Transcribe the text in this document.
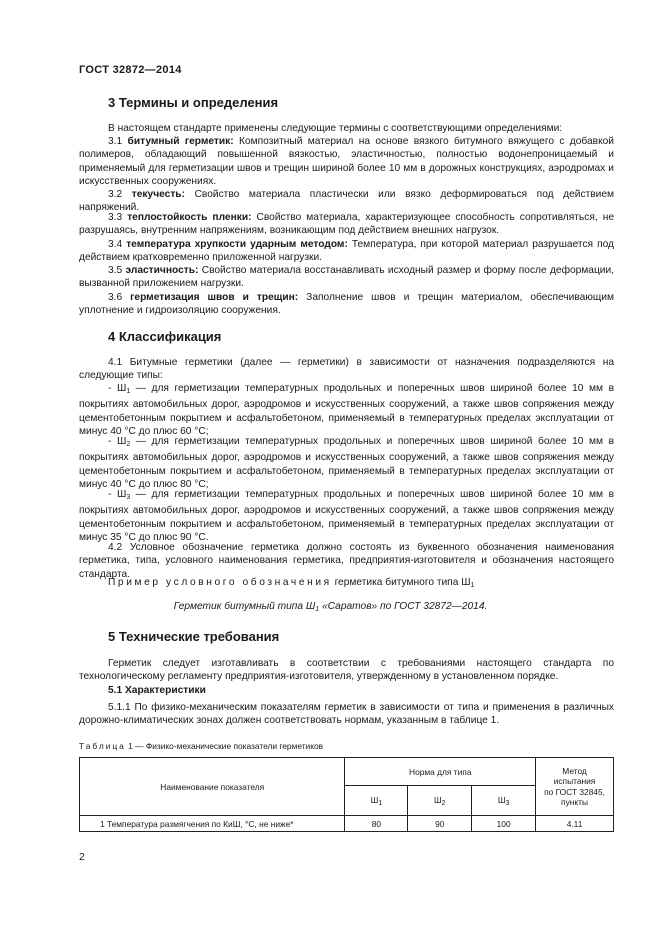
ГОСТ 32872—2014
3 Термины и определения
В настоящем стандарте применены следующие термины с соответствующими определениями:
3.1 битумный герметик: Композитный материал на основе вязкого битумного вяжущего с добавкой полимеров, обладающий повышенной вязкостью, эластичностью, полностью водонепроницаемый и применяемый для герметизации швов и трещин шириной более 10 мм в дорожных конструкциях, аэродромах и искусственных сооружениях.
3.2 текучесть: Свойство материала пластически или вязко деформироваться под действием напряжений.
3.3 теплостойкость пленки: Свойство материала, характеризующее способность сопротивляться, не разрушаясь, внутренним напряжениям, возникающим под действием внешних нагрузок.
3.4 температура хрупкости ударным методом: Температура, при которой материал разрушается под действием кратковременно приложенной нагрузки.
3.5 эластичность: Свойство материала восстанавливать исходный размер и форму после деформации, вызванной приложением нагрузки.
3.6 герметизация швов и трещин: Заполнение швов и трещин материалом, обеспечивающим уплотнение и гидроизоляцию сооружения.
4 Классификация
4.1 Битумные герметики (далее — герметики) в зависимости от назначения подразделяются на следующие типы:
- $Ш_1$ — для герметизации температурных продольных и поперечных швов шириной более 10 мм в покрытиях автомобильных дорог, аэродромов и искусственных сооружений, а также швов сопряжения между цементобетонным покрытием и асфальтобетоном, применяемый в температурных пределах эксплуатации от минус 40 °С до плюс 60 °С;
- $Ш_2$ — для герметизации температурных продольных и поперечных швов шириной более 10 мм в покрытиях автомобильных дорог, аэродромов и искусственных сооружений, а также швов сопряжения между цементобетонным покрытием и асфальтобетоном, применяемый в температурных пределах эксплуатации от минус 40 °С до плюс 80 °С;
- $Ш_3$ — для герметизации температурных продольных и поперечных швов шириной более 10 мм в покрытиях автомобильных дорог, аэродромов и искусственных сооружений, а также швов сопряжения между цементобетонным покрытием и асфальтобетоном, применяемый в температурных пределах эксплуатации от минус 35 °С до плюс 90 °С.
4.2 Условное обозначение герметика должно состоять из буквенного обозначения наименования герметика, типа, условного наименования герметика, предприятия-изготовителя и обозначения настоящего стандарта.
Пример условного обозначения герметика битумного типа $Ш_1$
Герметик битумный типа $Ш_1$ «Саратов» по ГОСТ 32872—2014.
5 Технические требования
Герметик следует изготавливать в соответствии с требованиями настоящего стандарта по технологическому регламенту предприятия-изготовителя, утвержденному в установленном порядке.
5.1 Характеристики
5.1.1 По физико-механическим показателям герметик в зависимости от типа и применения в различных дорожно-климатических зонах должен соответствовать нормам, указанным в таблице 1.
Таблица 1 — Физико-механические показатели герметиков
Наименование показателя	Норма для типа			Метод
испытания
по ГОСТ 32845,
пункты
	$Ш_1$	$Ш_2$	$Ш_3$
1 Температура размягчения по КиШ, °С, не ниже*	80	90	100	4.11
2
